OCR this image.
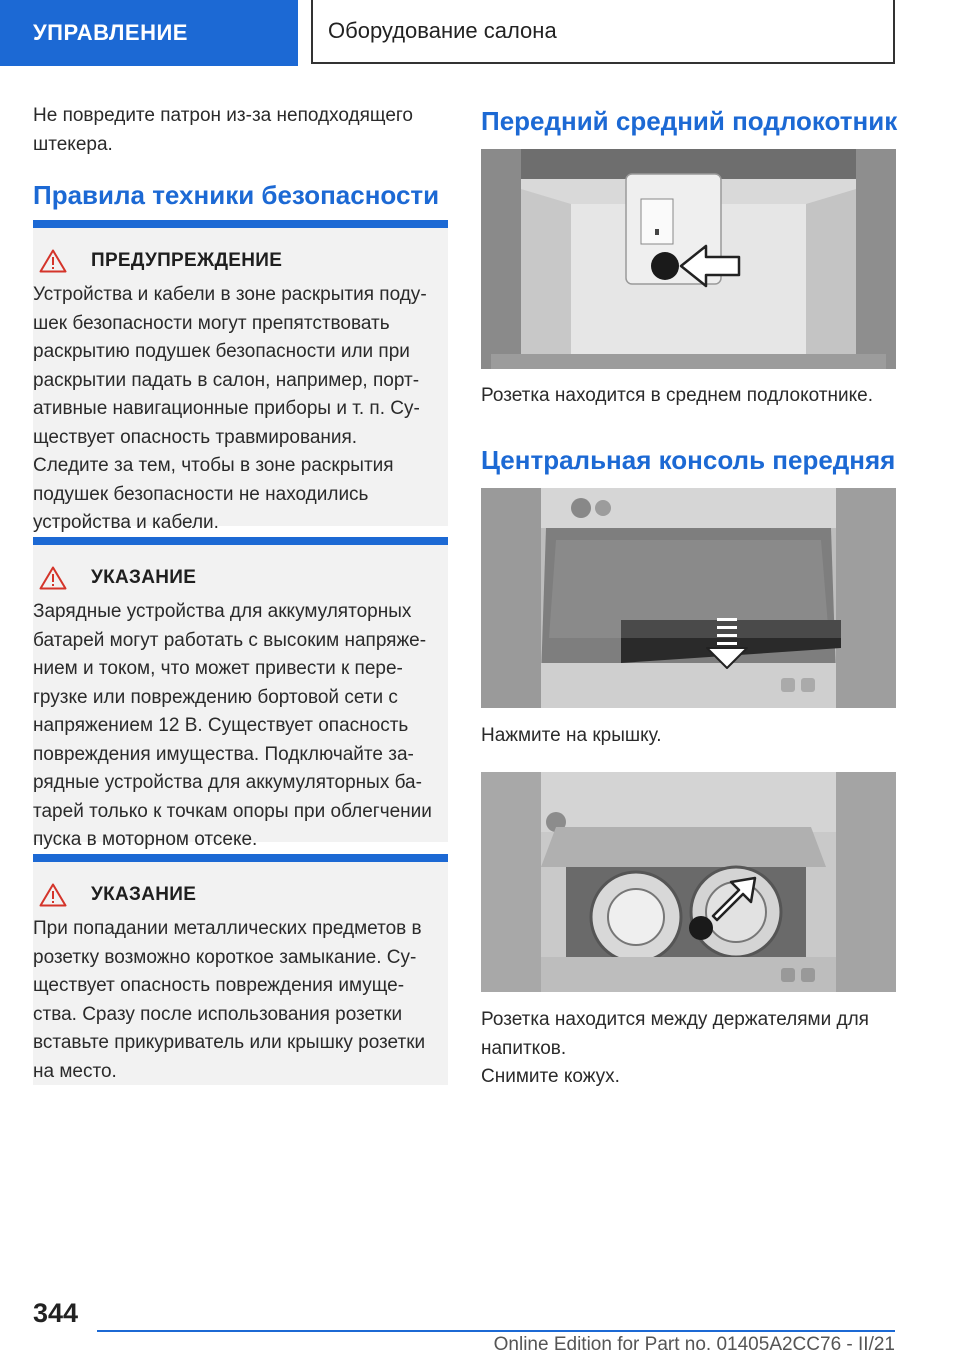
УПРАВЛЕНИЕ	Оборудование салона

Не повредите патрон из-за неподходящего штекера.

Правила техники безопасности
ПРЕДУПРЕЖДЕНИЕ

Устройства и кабели в зоне раскрытия подушек безопасности могут препятствовать раскрытию подушек безопасности или при раскрытии падать в салон, например, портативные навигационные приборы и т. п. Существует опасность травмирования. Следите за тем, чтобы в зоне раскрытия подушек безопасности не находились устройства и кабели.

УКАЗАНИЕ

Зарядные устройства для аккумуляторных батарей могут работать с высоким напряжением и током, что может привести к перегрузке или повреждению бортовой сети с напряжением 12 В. Существует опасность повреждения имущества. Подключайте зарядные устройства для аккумуляторных батарей только к точкам опоры при облегчении пуска в моторном отсеке.

УКАЗАНИЕ

При попадании металлических предметов в розетку возможно короткое замыкание. Существует опасность повреждения имущества. Сразу после использования розетки вставьте прикуриватель или крышку розетки на место.

Передний средний подлокотник

Розетка находится в среднем подлокотнике.

Центральная консоль передняя

Нажмите на крышку.

Розетка находится между держателями для напитков.

Снимите кожух.

344
Online Edition for Part no. 01405A2CC76 - II/21
